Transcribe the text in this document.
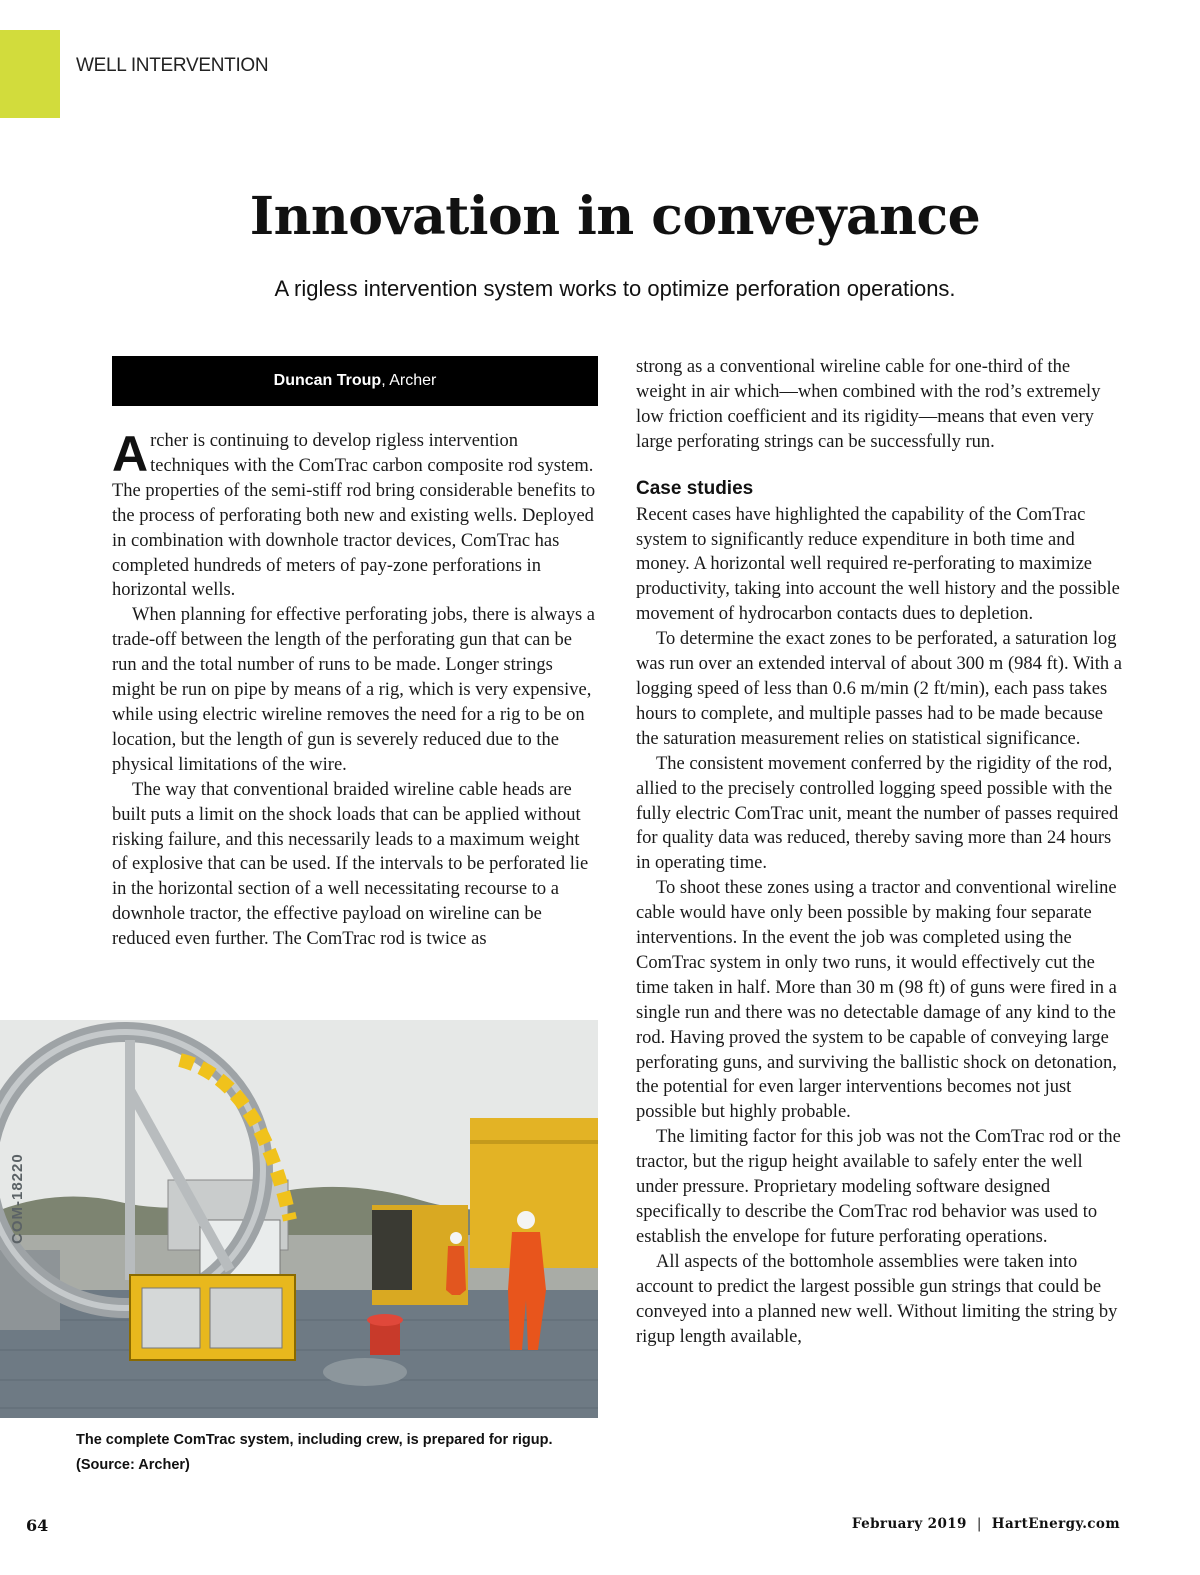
WELL INTERVENTION
Innovation in conveyance

A rigless intervention system works to optimize perforation operations.

Duncan Troup , Archer

Archer is continuing to develop rigless intervention techniques with the ComTrac carbon composite rod system. The properties of the semi-stiff rod bring considerable benefits to the process of perforating both new and existing wells. Deployed in combination with downhole tractor devices, ComTrac has completed hundreds of meters of pay-zone perforations in horizontal wells.

When planning for effective perforating jobs, there is always a trade-off between the length of the perforating gun that can be run and the total number of runs to be made. Longer strings might be run on pipe by means of a rig, which is very expensive, while using electric wireline removes the need for a rig to be on location, but the length of gun is severely reduced due to the physical limitations of the wire.

The way that conventional braided wireline cable heads are built puts a limit on the shock loads that can be applied without risking failure, and this necessarily leads to a maximum weight of explosive that can be used. If the intervals to be perforated lie in the horizontal section of a well necessitating recourse to a downhole tractor, the effective payload on wireline can be reduced even further. The ComTrac rod is twice as

strong as a conventional wireline cable for one-third of the weight in air which—when combined with the rod’s extremely low friction coefficient and its rigidity—means that even very large perforating strings can be successfully run.

Case studies

Recent cases have highlighted the capability of the ComTrac system to significantly reduce expenditure in both time and money. A horizontal well required re-perforating to maximize productivity, taking into account the well history and the possible movement of hydrocarbon contacts dues to depletion.

To determine the exact zones to be perforated, a saturation log was run over an extended interval of about 300 m (984 ft). With a logging speed of less than 0.6 m/min (2 ft/min), each pass takes hours to complete, and multiple passes had to be made because the saturation measurement relies on statistical significance.

The consistent movement conferred by the rigidity of the rod, allied to the precisely controlled logging speed possible with the fully electric ComTrac unit, meant the number of passes required for quality data was reduced, thereby saving more than 24 hours in operating time.

To shoot these zones using a tractor and conventional wireline cable would have only been possible by making four separate interventions. In the event the job was completed using the ComTrac system in only two runs, it would effectively cut the time taken in half. More than 30 m (98 ft) of guns were fired in a single run and there was no detectable damage of any kind to the rod. Having proved the system to be capable of conveying large perforating guns, and surviving the ballistic shock on detonation, the potential for even larger interventions becomes not just possible but highly probable.

The limiting factor for this job was not the ComTrac rod or the tractor, but the rigup height available to safely enter the well under pressure. Proprietary modeling software designed specifically to describe the ComTrac rod behavior was used to establish the envelope for future perforating operations.

All aspects of the bottomhole assemblies were taken into account to predict the largest possible gun strings that could be conveyed into a planned new well. Without limiting the string by rigup length available,

COM-18220

The complete ComTrac system, including crew, is prepared for rigup.
(Source: Archer)

64	February 2019 | HartEnergy.com
